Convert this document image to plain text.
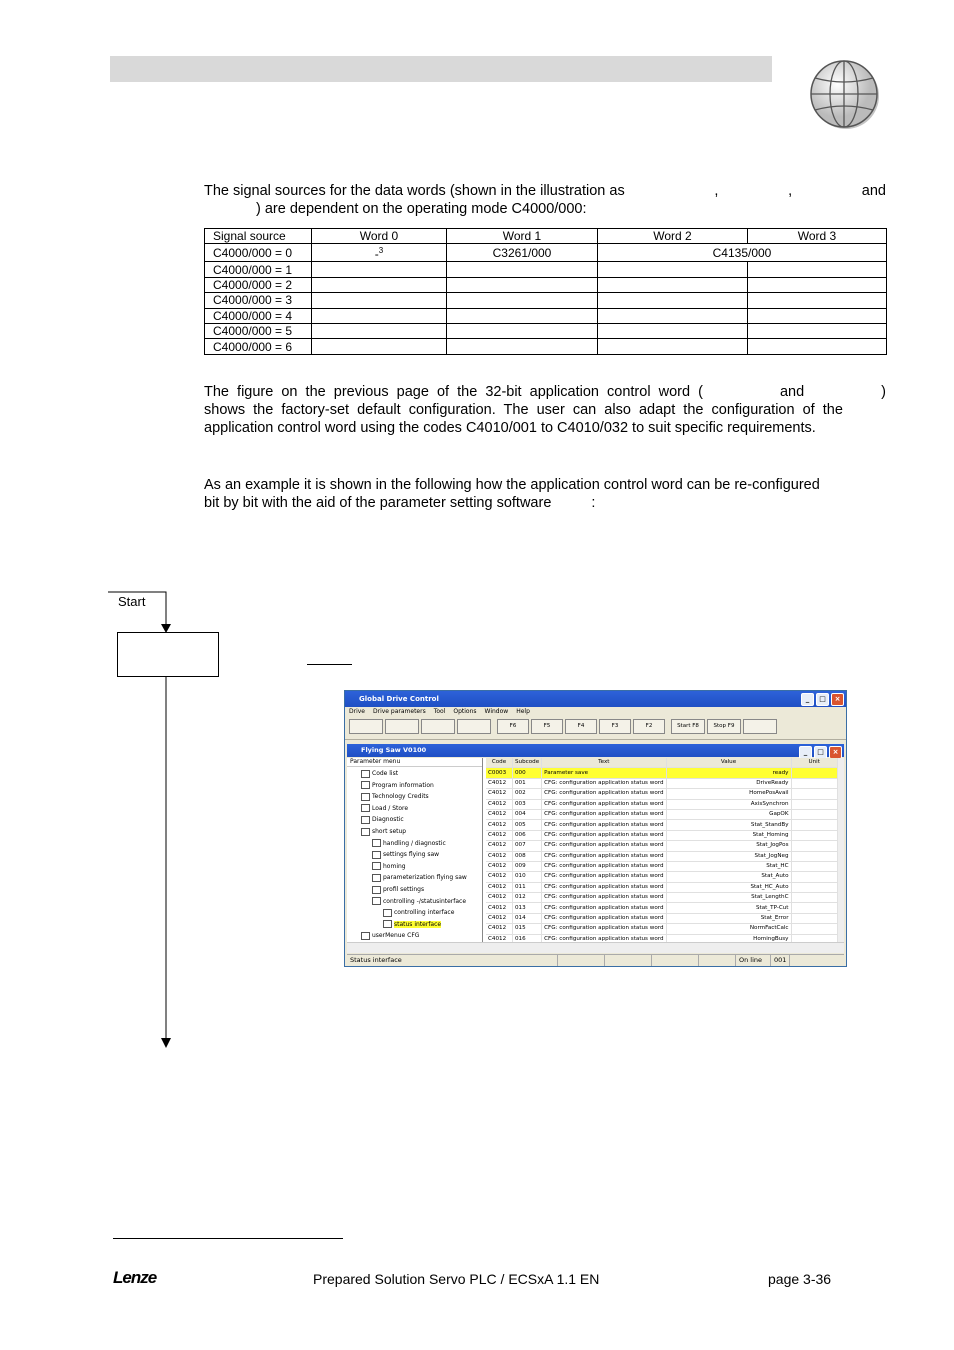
The signal sources for the data words (shown in the illustration as	,	,	and
) are dependent on the operating mode C4000/000:
Signal source	Word 0	Word 1	Word 2	Word 3
C4000/000 = 0	-$^3$	C3261/000	C4135/000	
C4000/000 = 1				
C4000/000 = 2				
C4000/000 = 3				
C4000/000 = 4				
C4000/000 = 5				
C4000/000 = 6				
The  figure  on  the  previous  page  of  the  32-bit  application  control  word  (	and	)
shows  the  factory-set  default  configuration.  The  user  can  also  adapt  the  configuration  of  the
application control word using the codes C4010/001 to C4010/032 to suit specific requirements.
As an example it is shown in the following how the application control word can be re-configured
bit by bit with the aid of the parameter setting software	:
Start
Global Drive Control	_	□	×
Drive Drive parameters Tool Options Window Help
F6	F5	F4	F3	F2	Start F8	Stop F9
Flying Saw V0100	_	□	×
Parameter menu
Code list
Program information
Technology Credits
Load / Store
Diagnostic
short setup
handling / diagnostic
settings flying saw
homing
parameterization flying saw
profil settings
controlling -/statusinterface
controlling interface
status interface
userMenue CFG
Code	Subcode	Text	Value	Unit
C0003	000	Parameter save	ready	
C4012	001	CFG: configuration application status word	DriveReady	
C4012	002	CFG: configuration application status word	HomePosAvail	
C4012	003	CFG: configuration application status word	AxisSynchron	
C4012	004	CFG: configuration application status word	GapOK	
C4012	005	CFG: configuration application status word	Stat_StandBy	
C4012	006	CFG: configuration application status word	Stat_Homing	
C4012	007	CFG: configuration application status word	Stat_JogPos	
C4012	008	CFG: configuration application status word	Stat_JogNeg	
C4012	009	CFG: configuration application status word	Stat_HC	
C4012	010	CFG: configuration application status word	Stat_Auto	
C4012	011	CFG: configuration application status word	Stat_HC_Auto	
C4012	012	CFG: configuration application status word	Stat_LengthC	
C4012	013	CFG: configuration application status word	Stat_TP-Cut	
C4012	014	CFG: configuration application status word	Stat_Error	
C4012	015	CFG: configuration application status word	NormFactCalc	
C4012	016	CFG: configuration application status word	HomingBusy	
Status interface	On line	001
Lenze	Prepared Solution Servo PLC / ECSxA 1.1 EN	page 3-36
